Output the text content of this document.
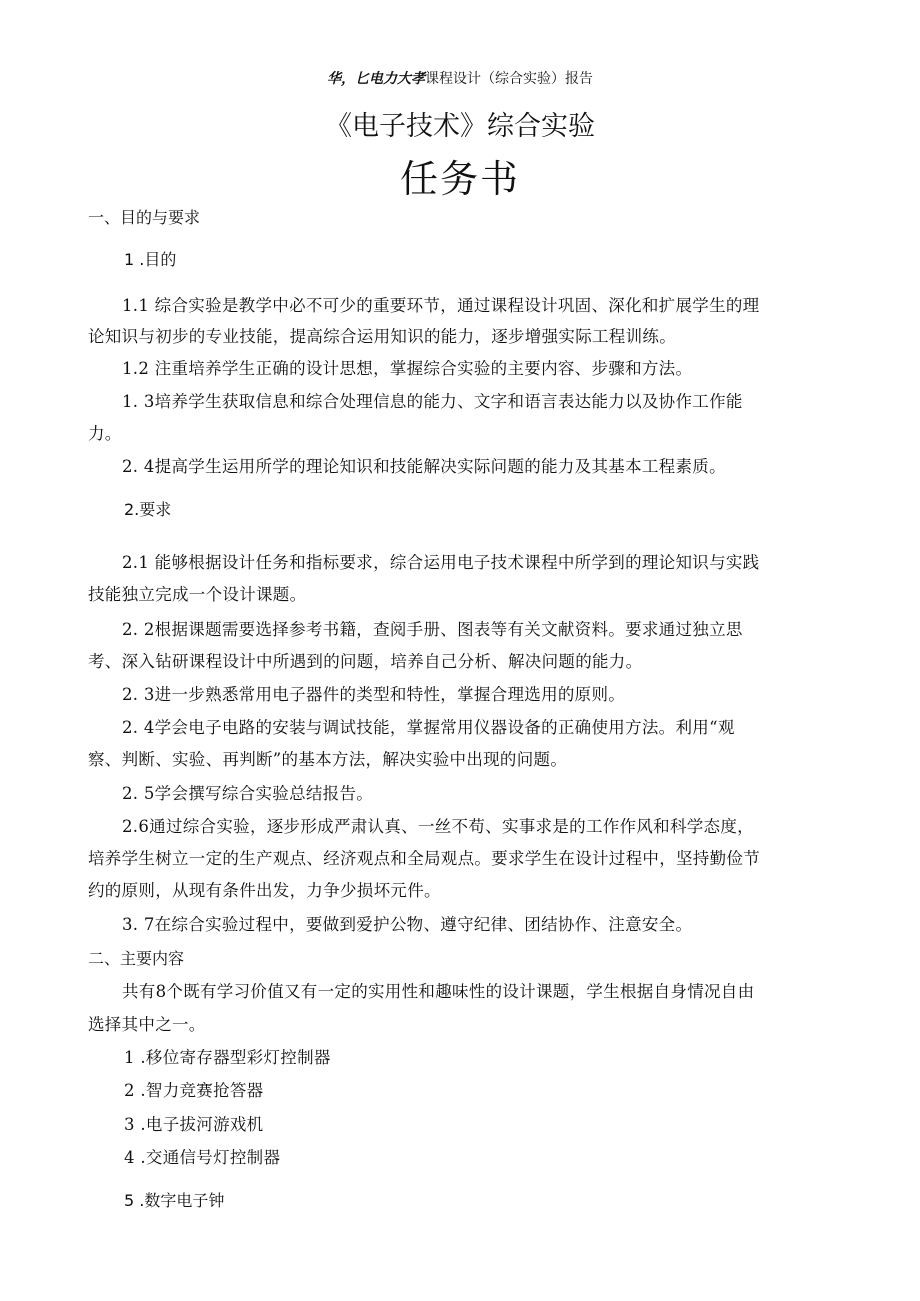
华，匕电力大孝课程设计（综合实验）报告
《电子技术》综合实验
任务书
一、目的与要求
1 .目的
1.1 综合实验是教学中必不可少的重要环节，通过课程设计巩固、深化和扩展学生的理
论知识与初步的专业技能，提高综合运用知识的能力，逐步增强实际工程训练。
1.2 注重培养学生正确的设计思想，掌握综合实验的主要内容、步骤和方法。
1. 3培养学生获取信息和综合处理信息的能力、文字和语言表达能力以及协作工作能
力。
2. 4提高学生运用所学的理论知识和技能解决实际问题的能力及其基本工程素质。
2.要求
2.1 能够根据设计任务和指标要求，综合运用电子技术课程中所学到的理论知识与实践
技能独立完成一个设计课题。
2. 2根据课题需要选择参考书籍，查阅手册、图表等有关文献资料。要求通过独立思
考、深入钻研课程设计中所遇到的问题，培养自己分析、解决问题的能力。
2. 3进一步熟悉常用电子器件的类型和特性，掌握合理选用的原则。
2. 4学会电子电路的安装与调试技能，掌握常用仪器设备的正确使用方法。利用“观
察、判断、实验、再判断”的基本方法，解决实验中出现的问题。
2. 5学会撰写综合实验总结报告。
2.6通过综合实验，逐步形成严肃认真、一丝不苟、实事求是的工作作风和科学态度，
培养学生树立一定的生产观点、经济观点和全局观点。要求学生在设计过程中，坚持勤俭节
约的原则，从现有条件出发，力争少损坏元件。
3. 7在综合实验过程中，要做到爱护公物、遵守纪律、团结协作、注意安全。
二、主要内容
共有8个既有学习价值又有一定的实用性和趣味性的设计课题，学生根据自身情况自由
选择其中之一。
1 .移位寄存器型彩灯控制器
2 .智力竞赛抢答器
3 .电子拔河游戏机
4 .交通信号灯控制器
5 .数字电子钟
